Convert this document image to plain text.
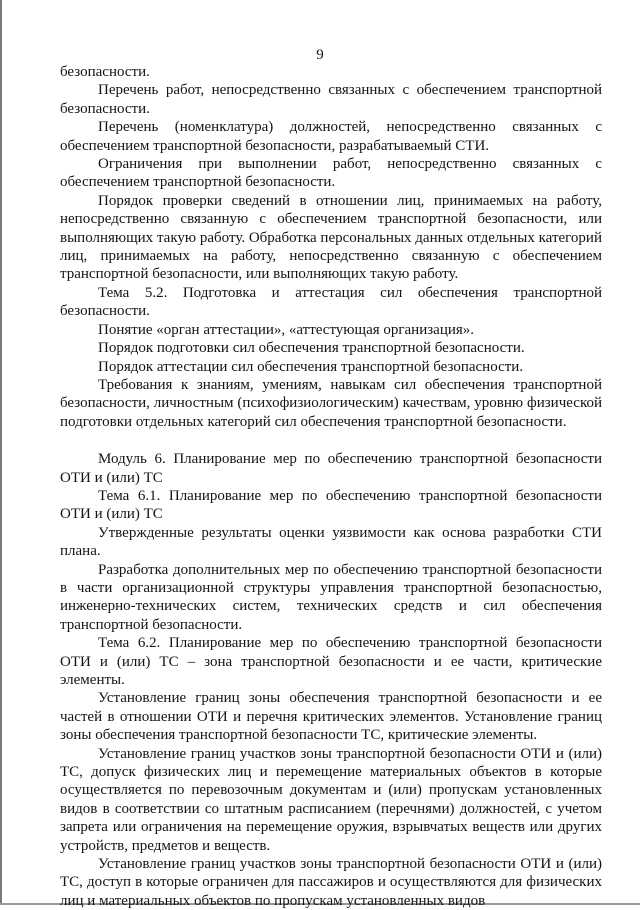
9

безопасности.

Перечень работ, непосредственно связанных с обеспечением транспортной безопасности.

Перечень (номенклатура) должностей, непосредственно связанных с обеспечением транспортной безопасности, разрабатываемый СТИ.

Ограничения при выполнении работ, непосредственно связанных с обеспечением транспортной безопасности.

Порядок проверки сведений в отношении лиц, принимаемых на работу, непосредственно связанную с обеспечением транспортной безопасности, или выполняющих такую работу. Обработка персональных данных отдельных категорий лиц, принимаемых на работу, непосредственно связанную с обеспечением транспортной безопасности, или выполняющих такую работу.

Тема 5.2. Подготовка и аттестация сил обеспечения транспортной безопасности.

Понятие «орган аттестации», «аттестующая организация».

Порядок подготовки сил обеспечения транспортной безопасности.

Порядок аттестации сил обеспечения транспортной безопасности.

Требования к знаниям, умениям, навыкам сил обеспечения транспортной безопасности, личностным (психофизиологическим) качествам, уровню физической подготовки отдельных категорий сил обеспечения транспортной безопасности.

Модуль 6. Планирование мер по обеспечению транспортной безопасности ОТИ и (или) ТС

Тема 6.1. Планирование мер по обеспечению транспортной безопасности ОТИ и (или) ТС

Утвержденные результаты оценки уязвимости как основа разработки СТИ плана.

Разработка дополнительных мер по обеспечению транспортной безопасности в части организационной структуры управления транспортной безопасностью, инженерно-технических систем, технических средств и сил обеспечения транспортной безопасности.

Тема 6.2. Планирование мер по обеспечению транспортной безопасности ОТИ и (или) ТС – зона транспортной безопасности и ее части, критические элементы.

Установление границ зоны обеспечения транспортной безопасности и ее частей в отношении ОТИ и перечня критических элементов. Установление границ зоны обеспечения транспортной безопасности ТС, критические элементы.

Установление границ участков зоны транспортной безопасности ОТИ и (или) ТС, допуск физических лиц и перемещение материальных объектов в которые осуществляется по перевозочным документам и (или) пропускам установленных видов в соответствии со штатным расписанием (перечнями) должностей, с учетом запрета или ограничения на перемещение оружия, взрывчатых веществ или других устройств, предметов и веществ.

Установление границ участков зоны транспортной безопасности ОТИ и (или) ТС, доступ в которые ограничен для пассажиров и осуществляются для физических лиц и материальных объектов по пропускам установленных видов
